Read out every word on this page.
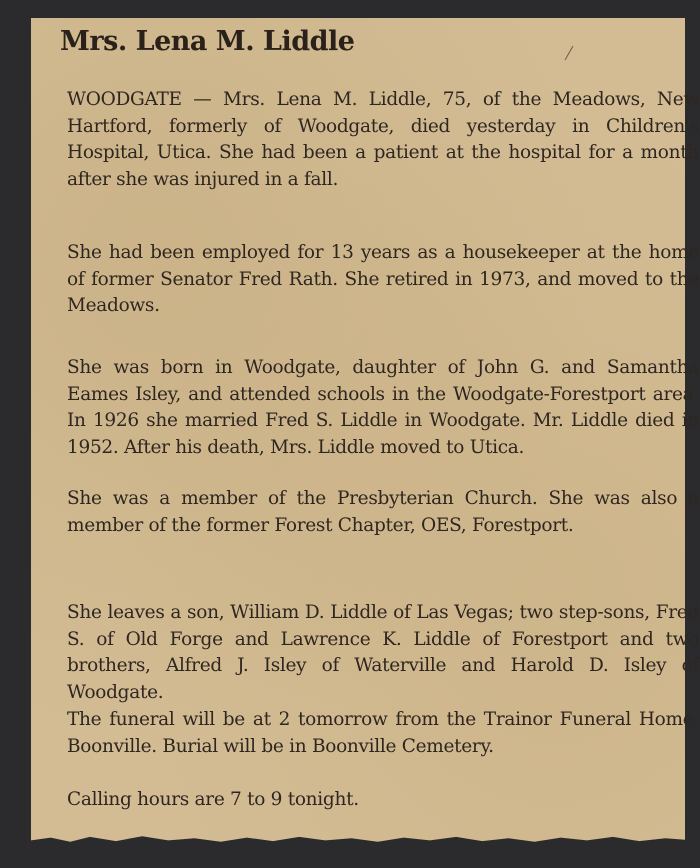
Mrs. Lena M. Liddle

WOODGATE — Mrs. Lena M. Liddle, 75, of the Meadows, New Hartford, formerly of Woodgate, died yesterday in Children's Hospital, Utica. She had been a patient at the hospital for a month after she was injured in a fall.

She had been employed for 13 years as a housekeeper at the home of former Senator Fred Rath. She retired in 1973, and moved to the Meadows.

She was born in Woodgate, daughter of John G. and Samantha Eames Isley, and attended schools in the Woodgate-Forestport area. In 1926 she married Fred S. Liddle in Woodgate. Mr. Liddle died in 1952. After his death, Mrs. Liddle moved to Utica.

She was a member of the Presbyterian Church. She was also a member of the former Forest Chapter, OES, Forestport.

She leaves a son, William D. Liddle of Las Vegas; two step-sons, Fred S. of Old Forge and Lawrence K. Liddle of Forestport and two brothers, Alfred J. Isley of Waterville and Harold D. Isley of Woodgate.

The funeral will be at 2 tomorrow from the Trainor Funeral Home, Boonville. Burial will be in Boonville Cemetery.

Calling hours are 7 to 9 tonight.
